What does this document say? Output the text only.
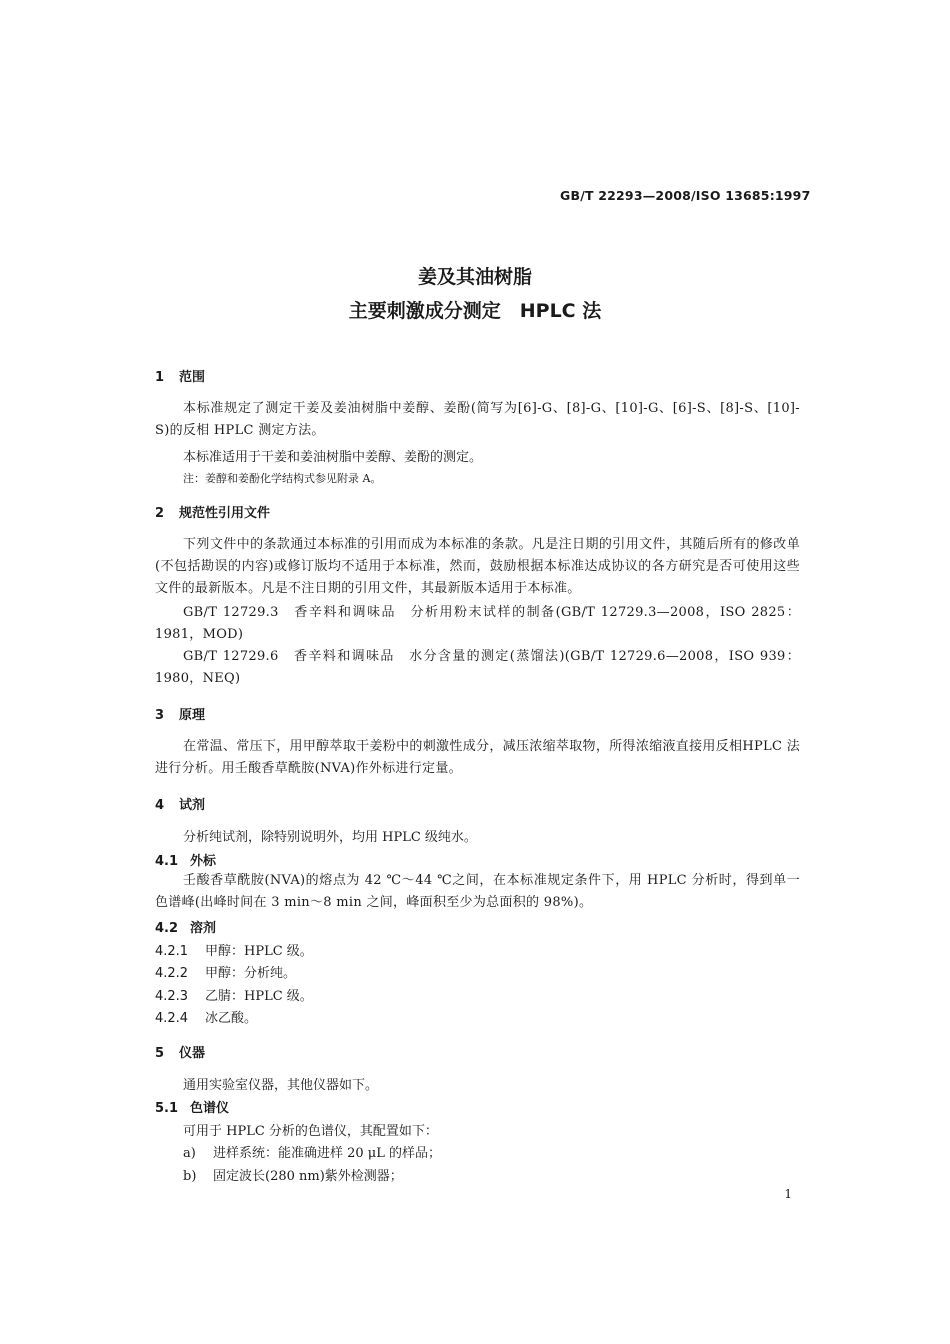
GB/T 22293—2008/ISO 13685:1997
姜及其油树脂
主要刺激成分测定　HPLC 法
1 范围
本标准规定了测定干姜及姜油树脂中姜醇、姜酚(简写为[6]-G、[8]-G、[10]-G、[6]-S、[8]-S、[10]-S)的反相 HPLC 测定方法。
本标准适用于干姜和姜油树脂中姜醇、姜酚的测定。
注：姜醇和姜酚化学结构式参见附录 A。
2 规范性引用文件
下列文件中的条款通过本标准的引用而成为本标准的条款。凡是注日期的引用文件，其随后所有的修改单(不包括勘误的内容)或修订版均不适用于本标准，然而，鼓励根据本标准达成协议的各方研究是否可使用这些文件的最新版本。凡是不注日期的引用文件，其最新版本适用于本标准。
GB/T 12729.3　香辛料和调味品　分析用粉末试样的制备(GB/T 12729.3—2008，ISO 2825：1981，MOD)
GB/T 12729.6　香辛料和调味品　水分含量的测定(蒸馏法)(GB/T 12729.6—2008，ISO 939：1980，NEQ)
3 原理
在常温、常压下，用甲醇萃取干姜粉中的刺激性成分，减压浓缩萃取物，所得浓缩液直接用反相HPLC 法进行分析。用壬酸香草酰胺(NVA)作外标进行定量。
4 试剂
分析纯试剂，除特别说明外，均用 HPLC 级纯水。
4.1 外标
壬酸香草酰胺(NVA)的熔点为 42 ℃～44 ℃之间，在本标准规定条件下，用 HPLC 分析时，得到单一色谱峰(出峰时间在 3 min～8 min 之间，峰面积至少为总面积的 98%)。
4.2 溶剂
4.2.1 甲醇：HPLC 级。
4.2.2 甲醇：分析纯。
4.2.3 乙腈：HPLC 级。
4.2.4 冰乙酸。
5 仪器
通用实验室仪器，其他仪器如下。
5.1 色谱仪
可用于 HPLC 分析的色谱仪，其配置如下：
a) 进样系统：能准确进样 20 μL 的样品；
b) 固定波长(280 nm)紫外检测器；
1
